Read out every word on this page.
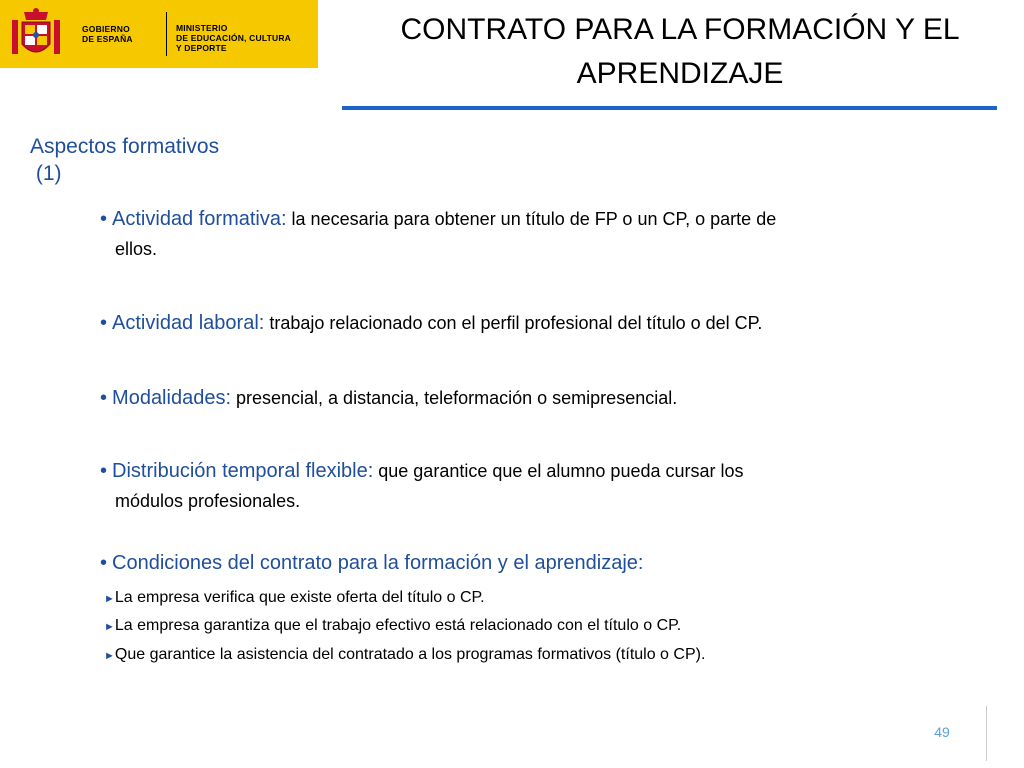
GOBIERNO
DE ESPAÑA
MINISTERIO
DE EDUCACIÓN, CULTURA
Y DEPORTE
CONTRATO PARA LA FORMACIÓN Y EL APRENDIZAJE
Aspectos formativos
(1)
• Actividad formativa: la necesaria para obtener un título de FP o un CP, o parte de
ellos.
• Actividad laboral: trabajo relacionado con el perfil profesional del título o del CP.
• Modalidades: presencial, a distancia, teleformación o semipresencial.
• Distribución temporal flexible: que garantice que el alumno pueda cursar los
módulos profesionales.
• Condiciones del contrato para la formación y el aprendizaje:
►La empresa verifica que existe oferta del título o CP.
►La empresa garantiza que el trabajo efectivo está relacionado con el título o CP.
►Que garantice la asistencia del contratado a los programas formativos (título o CP).
49
